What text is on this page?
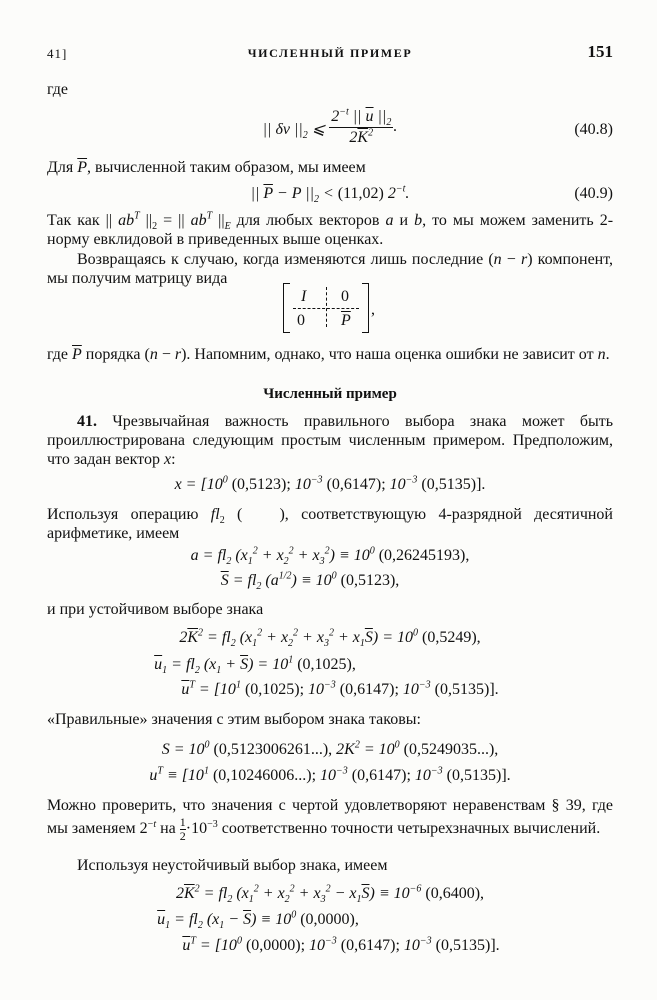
41]	ЧИСЛЕННЫЙ ПРИМЕР	151
где
|| δv $||_2$ ⩽ $\frac{2^{-t} || \overline{u} ||_2}{2\overline{K}^2}$ .	(40.8)
Для $\overline{P}$, вычисленной таким образом, мы имеем
|| $\overline{P} - P$ $||_2 < (11,02)$ $2^{-t}$.	(40.9)
Так как || $ab^T$ $||_2$ = || $ab^T$ $||_E$ для любых векторов a и b, то мы можем заменить 2-норму евклидовой в приведенных выше оценках.
Возвращаясь к случаю, когда изменяются лишь последние (n − r) компонент, мы получим матрицу вида
I 0
0 $\overline{P}$
,
где $\overline{P}$ порядка (n − r). Напомним, однако, что наша оценка ошибки не зависит от n.
Численный пример
41. Чрезвычайная важность правильного выбора знака может быть проиллюстрирована следующим простым численным примером. Предположим, что задан вектор x:
$x = [10^0$ (0,5123); $10^{-3}$ (0,6147); $10^{-3}$ (0,5135)].
Используя операцию $fl_2$ (   ), соответствующую 4-разрядной десятичной арифметике, имеем
$a = fl_2$ $(x_1^2 + x_2^2 + x_3^2) \equiv 10^0$ (0,26245193),
$\overline{S} = fl_2$ $(a^{1/2}) \equiv 10^0$ (0,5123),
и при устойчивом выборе знака
$2\overline{K}^2 = fl_2$ $(x_1^2 + x_2^2 + x_3^2 + x_1\overline{S}) = 10^0$ (0,5249),
$\overline{u}_1 = fl_2$ $(x_1 + \overline{S}) = 10^1$ (0,1025),
$\overline{u}^T = [10^1$ (0,1025); $10^{-3}$ (0,6147); $10^{-3}$ (0,5135)].
«Правильные» значения с этим выбором знака таковы:
$S = 10^0$ (0,5123006261...), $2K^2 = 10^0$ (0,5249035...),
$u^T \equiv [10^1$ (0,10246006...); $10^{-3}$ (0,6147); $10^{-3}$ (0,5135)].
Можно проверить, что значения с чертой удовлетворяют неравенствам § 39, где мы заменяем $2^{-t}$ на $\frac{1}{2}\cdot 10^{-3}$ соответственно точности четырехзначных вычислений.
Используя неустойчивый выбор знака, имеем
$2\overline{K}^2 = fl_2$ $(x_1^2 + x_2^2 + x_3^2 - x_1\overline{S}) \equiv 10^{-6}$ (0,6400),
$\overline{u}_1 = fl_2$ $(x_1 - \overline{S}) \equiv 10^0$ (0,0000),
$\overline{u}^T = [10^0$ (0,0000); $10^{-3}$ (0,6147); $10^{-3}$ (0,5135)].
